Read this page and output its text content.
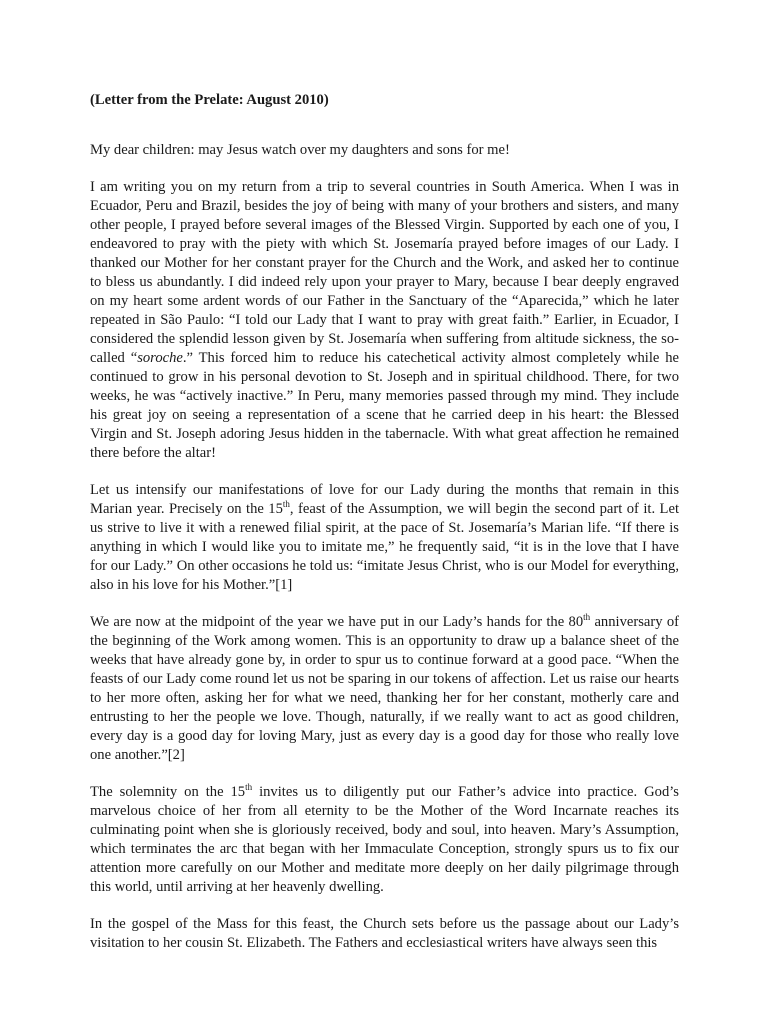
(Letter from the Prelate: August 2010)
My dear children: may Jesus watch over my daughters and sons for me!
I am writing you on my return from a trip to several countries in South America. When I was in Ecuador, Peru and Brazil, besides the joy of being with many of your brothers and sisters, and many other people, I prayed before several images of the Blessed Virgin. Supported by each one of you, I endeavored to pray with the piety with which St. Josemaría prayed before images of our Lady. I thanked our Mother for her constant prayer for the Church and the Work, and asked her to continue to bless us abundantly. I did indeed rely upon your prayer to Mary, because I bear deeply engraved on my heart some ardent words of our Father in the Sanctuary of the “Aparecida,” which he later repeated in São Paulo: “I told our Lady that I want to pray with great faith.” Earlier, in Ecuador, I considered the splendid lesson given by St. Josemaría when suffering from altitude sickness, the so-called “soroche.” This forced him to reduce his catechetical activity almost completely while he continued to grow in his personal devotion to St. Joseph and in spiritual childhood. There, for two weeks, he was “actively inactive.” In Peru, many memories passed through my mind. They include his great joy on seeing a representation of a scene that he carried deep in his heart: the Blessed Virgin and St. Joseph adoring Jesus hidden in the tabernacle. With what great affection he remained there before the altar!
Let us intensify our manifestations of love for our Lady during the months that remain in this Marian year. Precisely on the 15th, feast of the Assumption, we will begin the second part of it. Let us strive to live it with a renewed filial spirit, at the pace of St. Josemaría’s Marian life. “If there is anything in which I would like you to imitate me,” he frequently said, “it is in the love that I have for our Lady.” On other occasions he told us: “imitate Jesus Christ, who is our Model for everything, also in his love for his Mother.”[1]
We are now at the midpoint of the year we have put in our Lady’s hands for the 80th anniversary of the beginning of the Work among women. This is an opportunity to draw up a balance sheet of the weeks that have already gone by, in order to spur us to continue forward at a good pace. “When the feasts of our Lady come round let us not be sparing in our tokens of affection. Let us raise our hearts to her more often, asking her for what we need, thanking her for her constant, motherly care and entrusting to her the people we love. Though, naturally, if we really want to act as good children, every day is a good day for loving Mary, just as every day is a good day for those who really love one another.”[2]
The solemnity on the 15th invites us to diligently put our Father’s advice into practice. God’s marvelous choice of her from all eternity to be the Mother of the Word Incarnate reaches its culminating point when she is gloriously received, body and soul, into heaven. Mary’s Assumption, which terminates the arc that began with her Immaculate Conception, strongly spurs us to fix our attention more carefully on our Mother and meditate more deeply on her daily pilgrimage through this world, until arriving at her heavenly dwelling.
In the gospel of the Mass for this feast, the Church sets before us the passage about our Lady’s visitation to her cousin St. Elizabeth. The Fathers and ecclesiastical writers have always seen this
